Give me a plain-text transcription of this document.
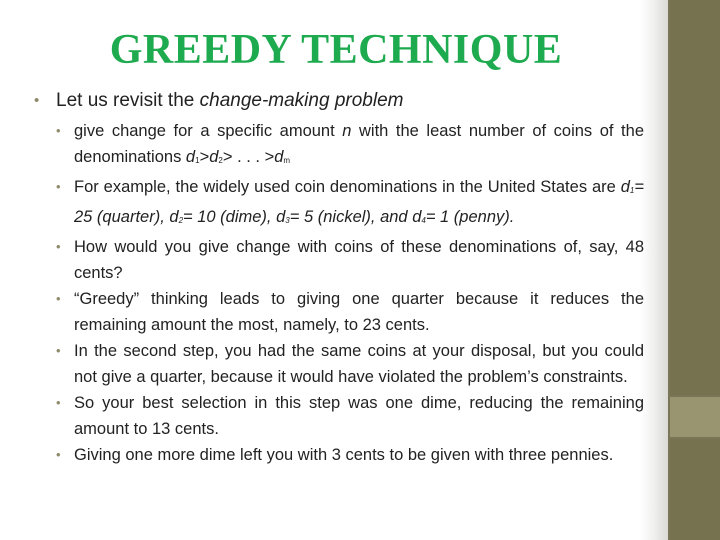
GREEDY TECHNIQUE
• Let us revisit the change-making problem
• give change for a specific amount n with the least number of coins of the denominations $d_1>d_2>$ . . . $>d_m$
• For example, the widely used coin denominations in the United States are $d_1= 25$ (quarter), $d_2= 10$ (dime), $d_3= 5$ (nickel), and $d_4= 1$ (penny).
• How would you give change with coins of these denominations of, say, 48 cents?
• “Greedy” thinking leads to giving one quarter because it reduces the remaining amount the most, namely, to 23 cents.
• In the second step, you had the same coins at your disposal, but you could not give a quarter, because it would have violated the problem’s constraints.
• So your best selection in this step was one dime, reducing the remaining amount to 13 cents.
• Giving one more dime left you with 3 cents to be given with three pennies.
